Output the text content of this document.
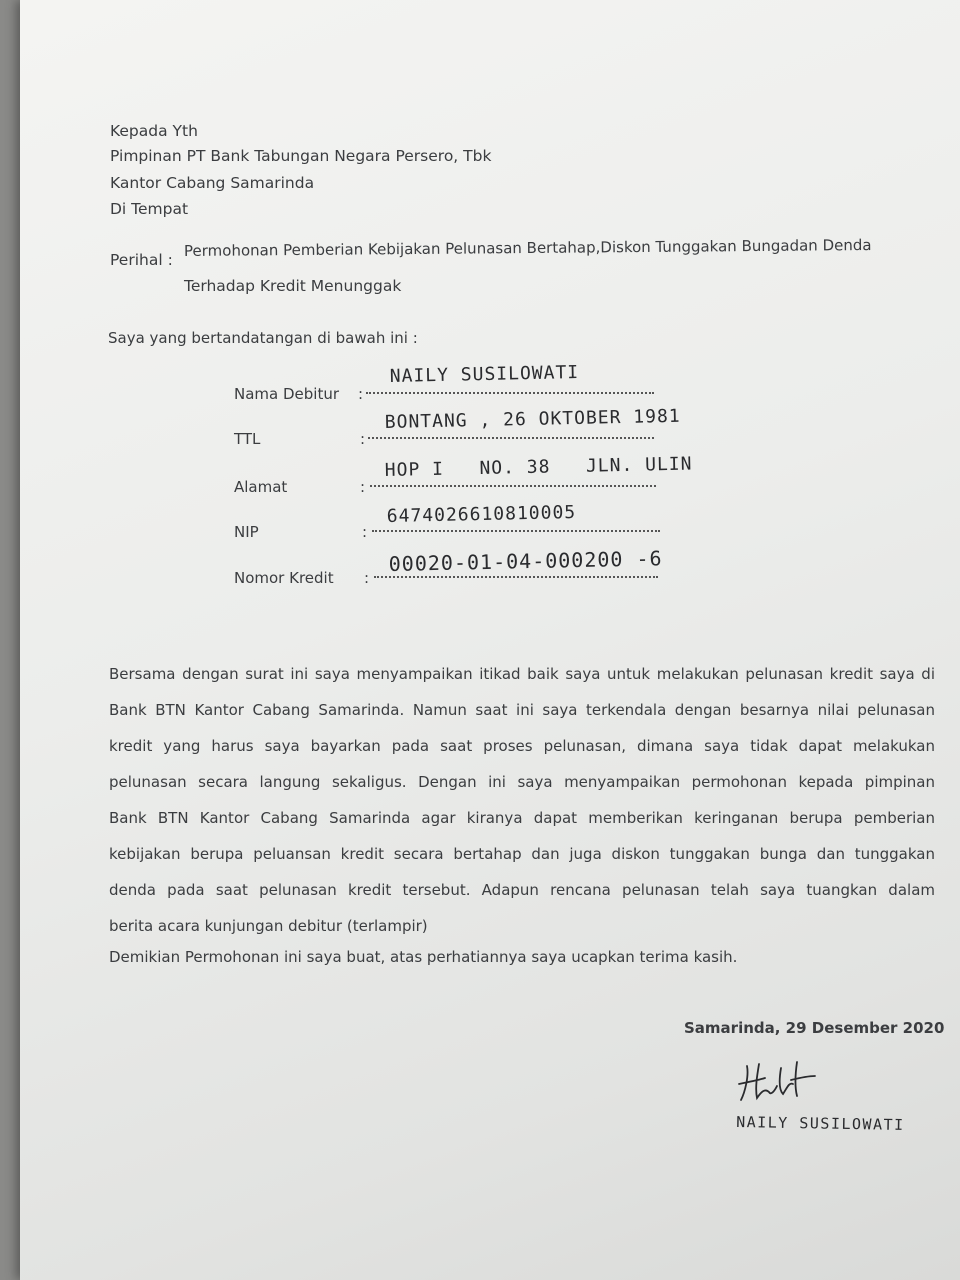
Kepada Yth
Pimpinan PT Bank Tabungan Negara Persero, Tbk
Kantor Cabang Samarinda
Di Tempat
Perihal :
Permohonan Pemberian Kebijakan Pelunasan Bertahap,Diskon Tunggakan Bungadan Denda
Terhadap Kredit Menunggak
Saya yang bertandatangan di bawah ini :
Nama Debitur :
NAILY SUSILOWATI
TTL	:
BONTANG , 26 OKTOBER 1981
Alamat	:
HOP I   NO. 38   JLN. ULIN
NIP	:
6474026610810005
Nomor Kredit :
00020-01-04-000200 -6
Bersama dengan surat ini saya menyampaikan itikad baik saya untuk melakukan pelunasan kredit saya di
Bank BTN Kantor Cabang Samarinda. Namun saat ini saya terkendala dengan besarnya nilai pelunasan
kredit yang harus saya bayarkan pada saat proses pelunasan, dimana saya tidak dapat melakukan
pelunasan secara langung sekaligus. Dengan ini saya menyampaikan permohonan kepada pimpinan
Bank BTN Kantor Cabang Samarinda agar kiranya dapat memberikan keringanan berupa pemberian
kebijakan berupa peluansan kredit secara bertahap dan juga diskon tunggakan bunga dan tunggakan
denda pada saat pelunasan kredit tersebut. Adapun rencana pelunasan telah saya tuangkan dalam
berita acara kunjungan debitur (terlampir)
Demikian Permohonan ini saya buat, atas perhatiannya saya ucapkan terima kasih.
Samarinda, 29 Desember 2020
NAILY SUSILOWATI
